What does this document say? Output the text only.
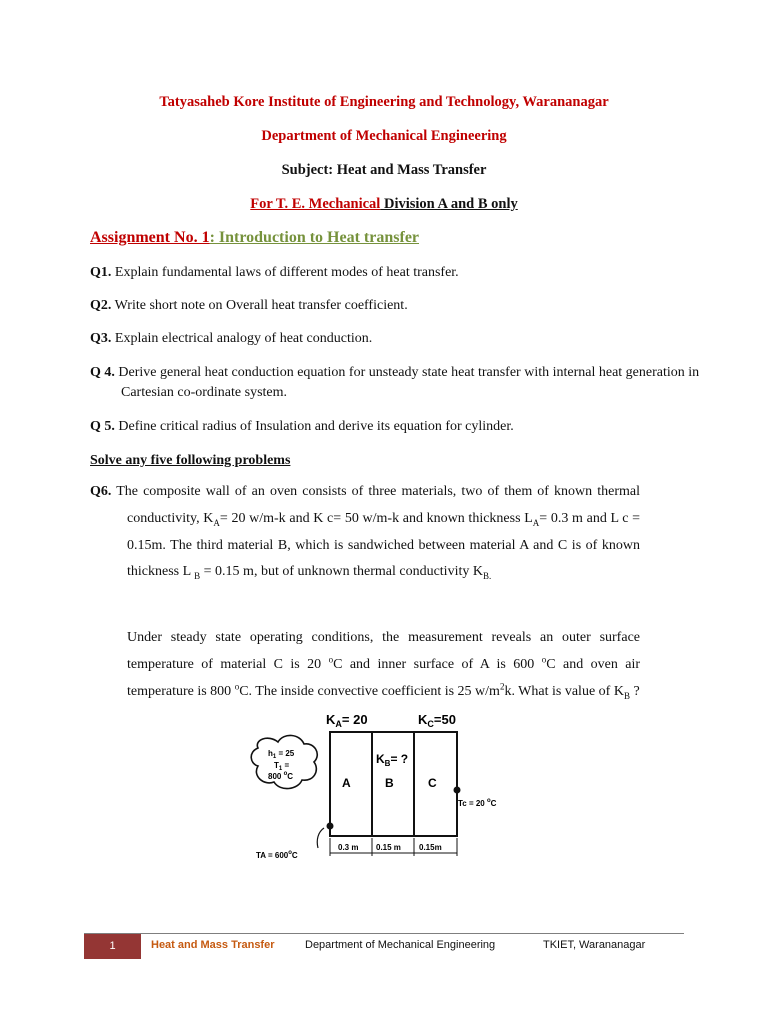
Tatyasaheb Kore Institute of Engineering and Technology, Warananagar
Department of Mechanical Engineering
Subject: Heat and Mass Transfer
For T. E. Mechanical Division A and B only
Assignment No. 1: Introduction to Heat transfer
Q1. Explain fundamental laws of different modes of heat transfer.
Q2. Write short note on Overall heat transfer coefficient.
Q3. Explain electrical analogy of heat conduction.
Q 4. Derive general heat conduction equation for unsteady state heat transfer with internal heat generation in Cartesian co-ordinate system.
Q 5. Define critical radius of Insulation and derive its equation for cylinder.
Solve any five following problems
Q6. The composite wall of an oven consists of three materials, two of them of known thermal conductivity, $K_A= 20$ w/m-k and K c= 50 w/m-k and known thickness $L_A= 0.3$ m and L c = 0.15m. The third material B, which is sandwiched between material A and C is of known thickness L $_B$ = 0.15 m, but of unknown thermal conductivity $K_{B.}$
Under steady state operating conditions, the measurement reveals an outer surface temperature of material C is 20 $^o$C and inner surface of A is 600 $^o$C and oven air temperature is 800 $^o$C. The inside convective coefficient is 25 $w/m^2k$. What is value of $K_B$ ?
$K_A= 20$	$K_C=50$
A	B	C
$K_B=$ ?
$h_1 = 25$
$T_1$ =
800 $^o$C
Tc = 20 $^o$C
TA = $600^oC$
0.3 m 0.15 m 0.15m
1	Heat and Mass Transfer	Department of Mechanical Engineering	TKIET, Warananagar
